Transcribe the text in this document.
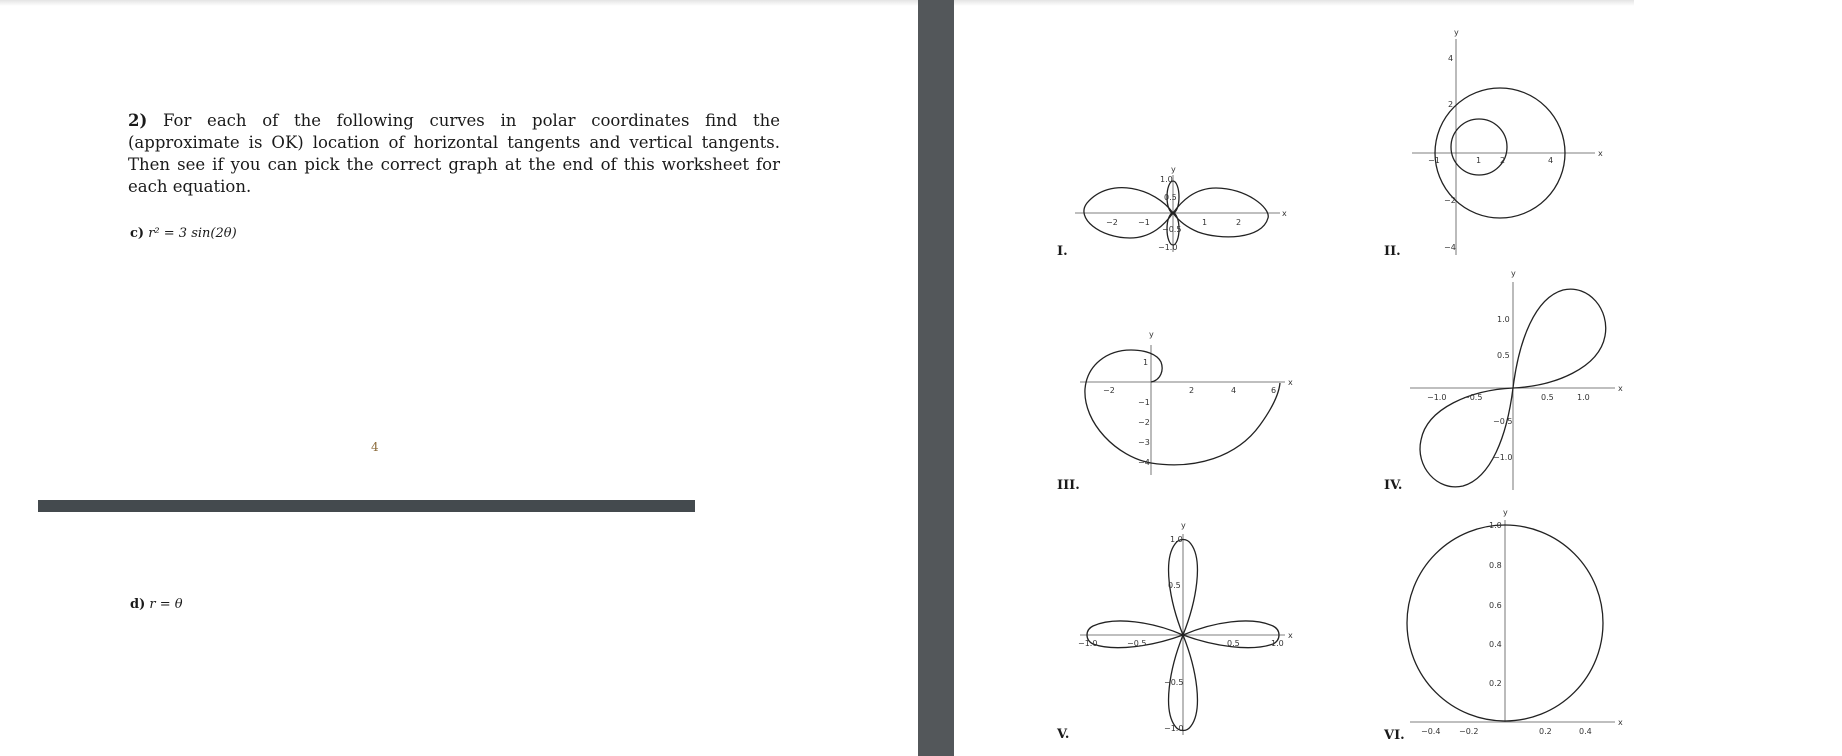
2) For each of the following curves in polar coordinates find the (approximate is OK) location of horizontal tangents and vertical tangents. Then see if you can pick the correct graph at the end of this worksheet for each equation.
c) r² = 3 sin(2θ)
4
d) r = θ
I.	II.
III.	IV.
V.	VI.
x
y
−2	−1	1	2
1.0
0.5
−0.5
−1.0
x
y
−1	1 2	4
4
2
−2
−4
x
y
−2	2	4	6
1
−1
−2
−3
−4
x
y
−1.0 −0.5	0.5	1.0
1.0
0.5
−0.5
−1.0
x
y
−1.0	−0.5	0.5	1.0
1.0
0.5
−0.5
−1.0
x
y
−0.4 −0.2	0.2	0.4
1.0
0.8
0.6
0.4
0.2
